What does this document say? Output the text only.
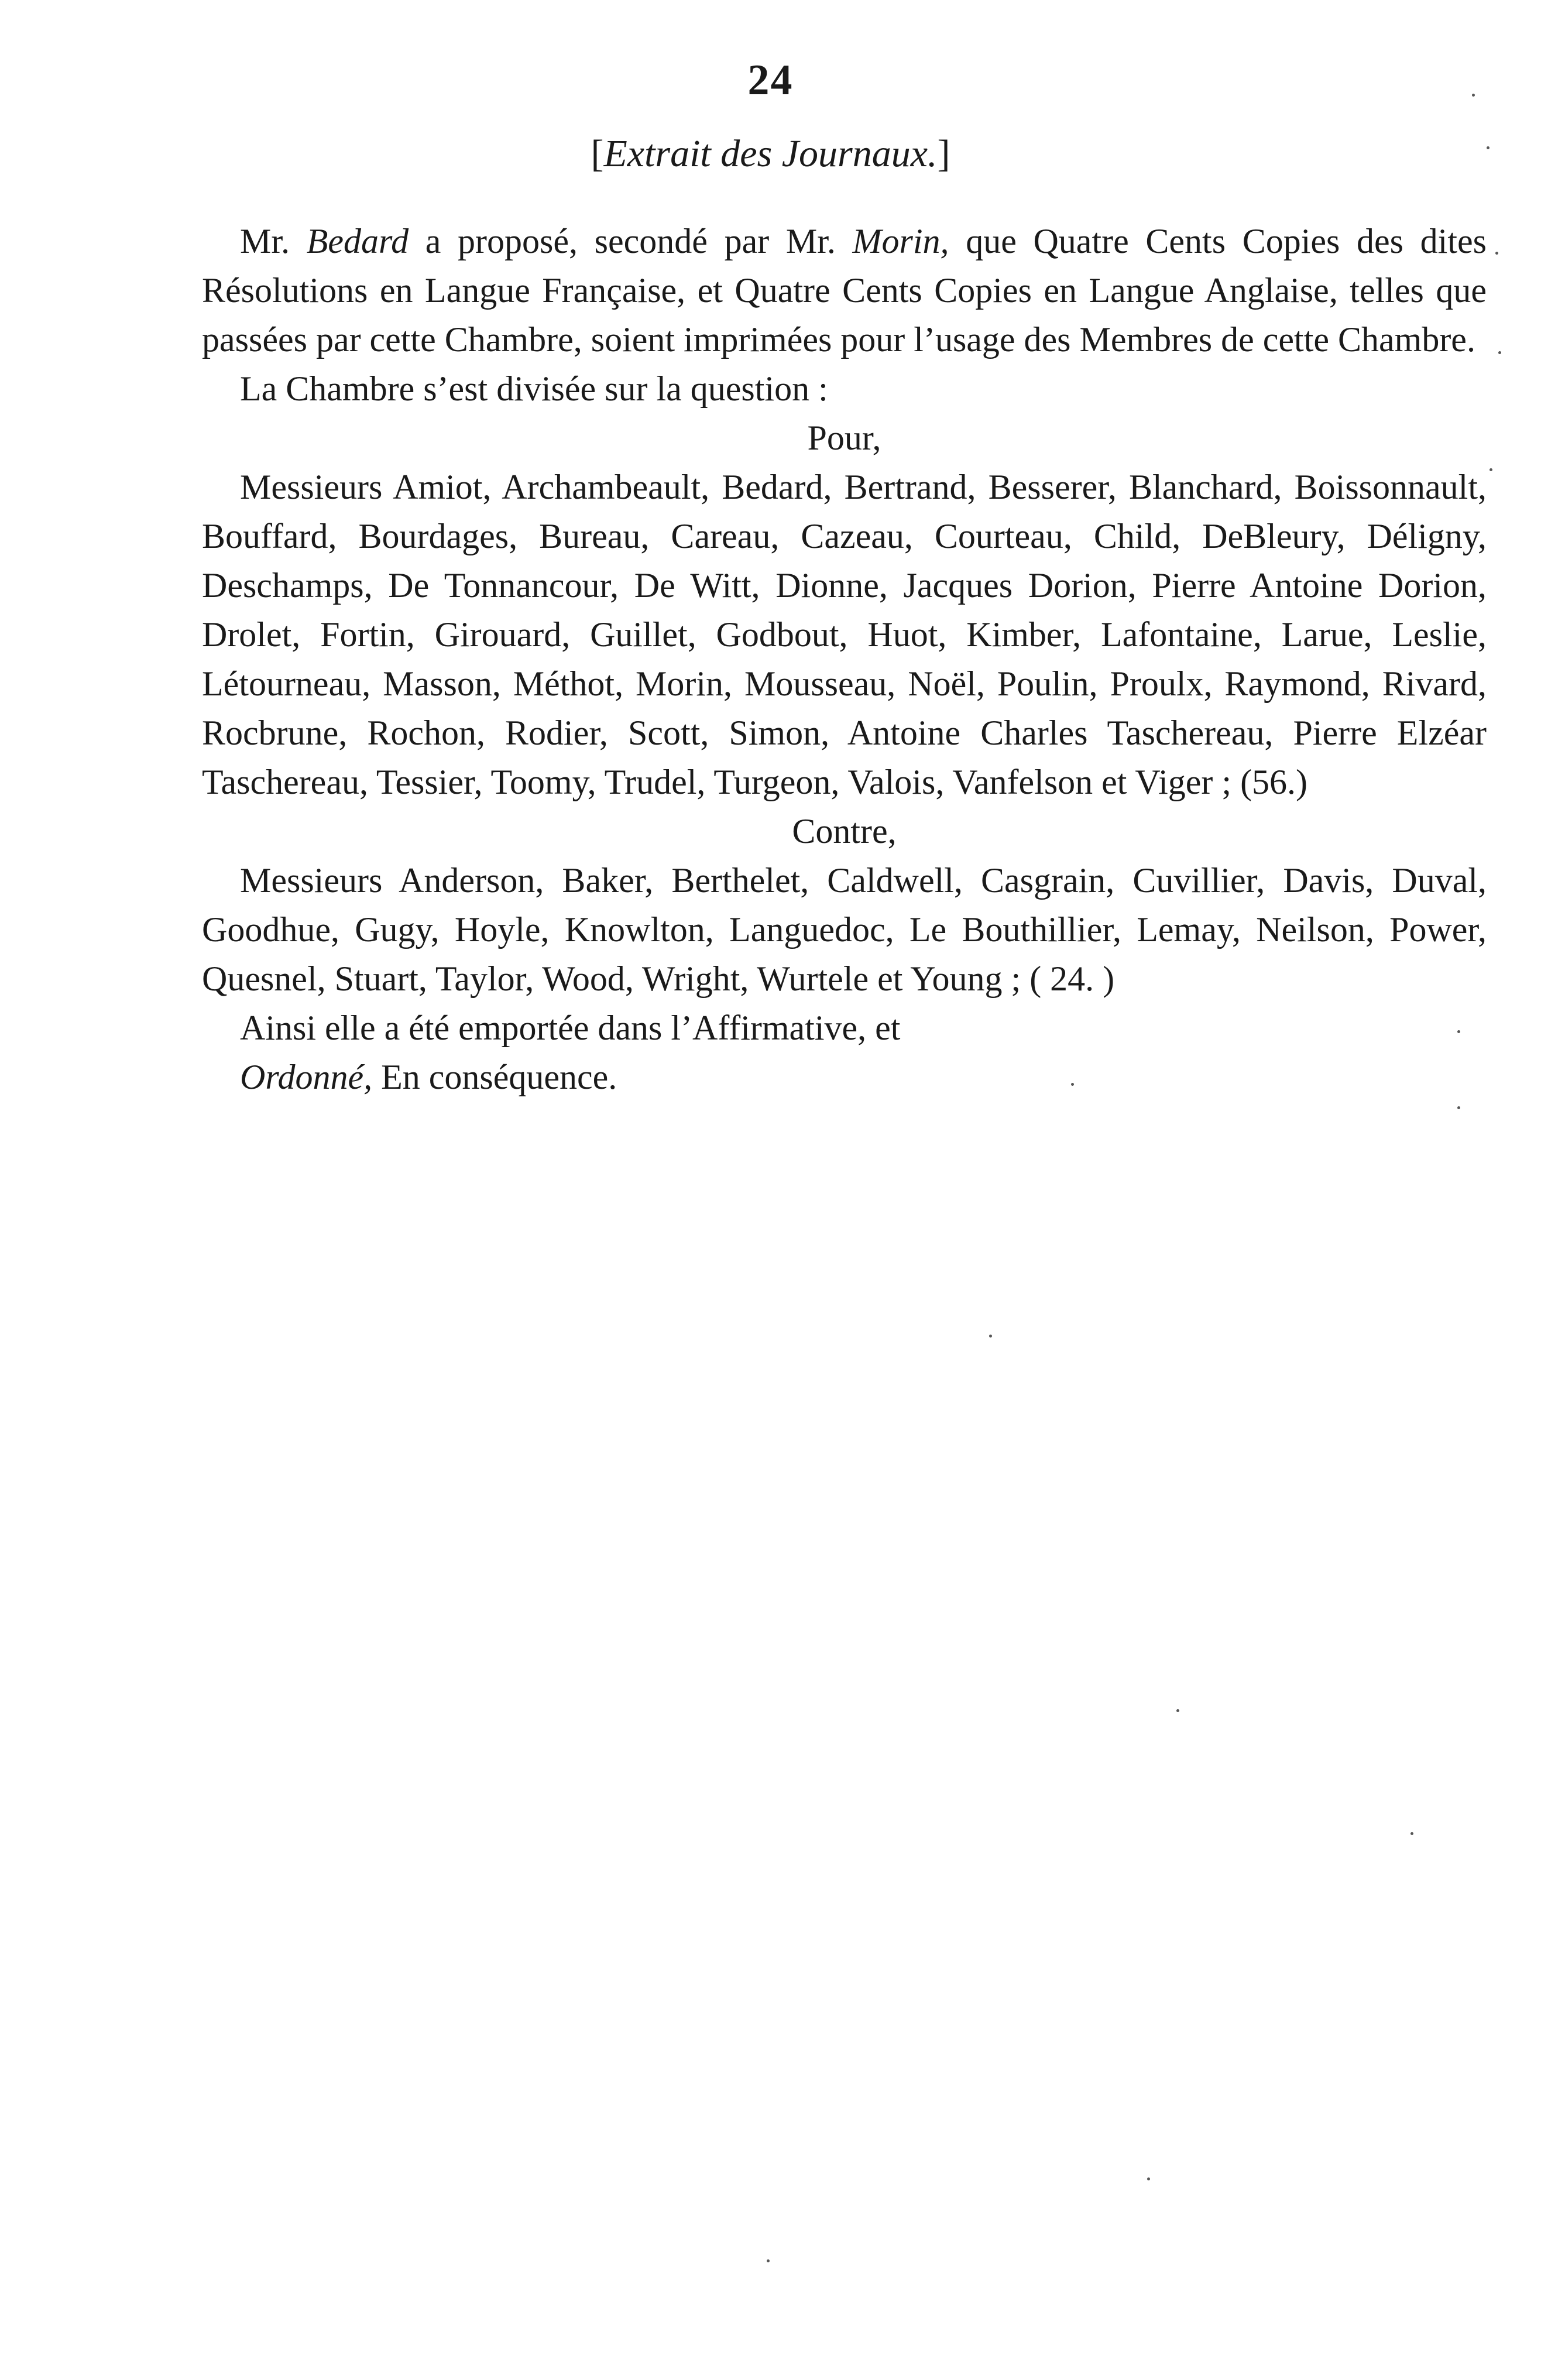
24
[Extrait des Journaux.]

Mr. Bedard a proposé, secondé par Mr. Morin, que Quatre Cents Copies des dites Résolutions en Langue Française, et Quatre Cents Copies en Langue Anglaise, telles que passées par cette Chambre, soient imprimées pour l’usage des Membres de cette Chambre.

La Chambre s’est divisée sur la question :

Pour,

Messieurs Amiot, Archambeault, Bedard, Bertrand, Besserer, Blanchard, Boissonnault, Bouffard, Bourdages, Bureau, Careau, Cazeau, Courteau, Child, DeBleury, Déligny, Deschamps, De Tonnancour, De Witt, Dionne, Jacques Dorion, Pierre Antoine Dorion, Drolet, Fortin, Girouard, Guillet, Godbout, Huot, Kimber, Lafontaine, Larue, Leslie, Létourneau, Masson, Méthot, Morin, Mousseau, Noël, Poulin, Proulx, Raymond, Rivard, Rocbrune, Rochon, Rodier, Scott, Simon, Antoine Charles Taschereau, Pierre Elzéar Taschereau, Tessier, Toomy, Trudel, Turgeon, Valois, Vanfelson et Viger ; (56.)

Contre,

Messieurs Anderson, Baker, Berthelet, Caldwell, Casgrain, Cuvillier, Davis, Duval, Goodhue, Gugy, Hoyle, Knowlton, Languedoc, Le Bouthillier, Lemay, Neilson, Power, Quesnel, Stuart, Taylor, Wood, Wright, Wurtele et Young ; ( 24. )

Ainsi elle a été emportée dans l’Affirmative, et

Ordonné, En conséquence.
